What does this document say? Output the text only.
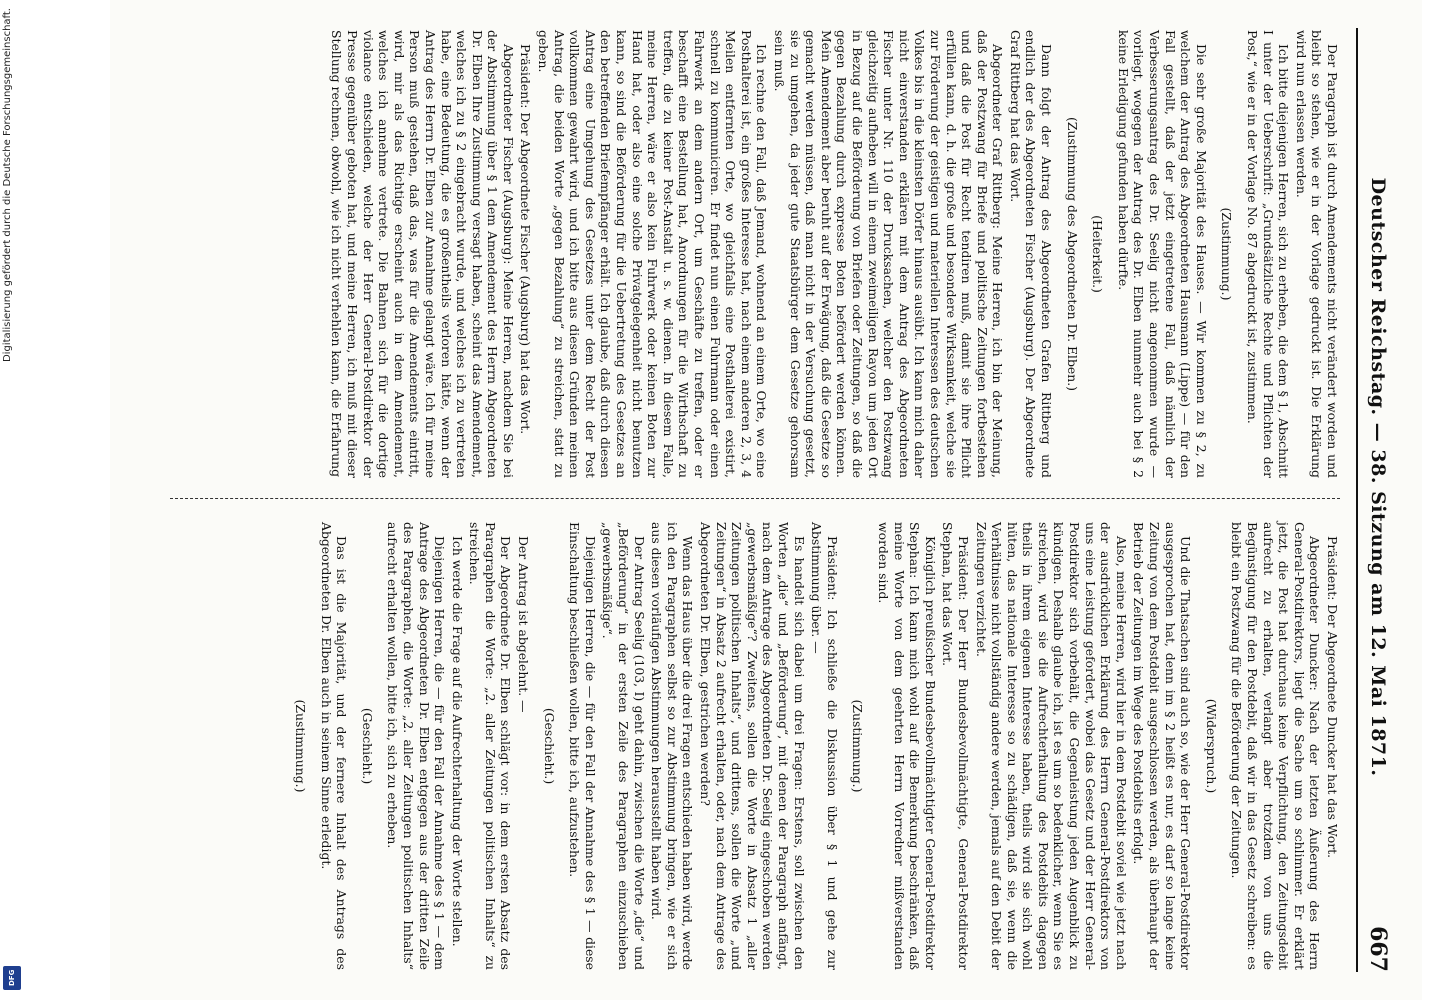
Digitalisierung gefördert durch die Deutsche Forschungsgemeinschaft.
DFG
Deutscher Reichstag. — 38. Sitzung am 12. Mai 1871.
667

Der Paragraph ist durch Amendements nicht verändert worden und bleibt so stehen, wie er in der Vorlage gedruckt ist. Die Erklärung wird nun erlassen werden.

Ich bitte diejenigen Herren, sich zu erheben, die dem § 1, Abschnitt I unter der Ueberschrift: „Grundsätzliche Rechte und Pflichten der Post,“ wie er in der Vorlage No. 87 abgedruckt ist, zustimmen.

(Zustimmung.)

Die sehr große Majorität des Hauses. — Wir kommen zu § 2, zu welchem der Antrag des Abgeordneten Hausmann (Lippe) — für den Fall gestellt, daß der jetzt eingetretene Fall, daß nämlich der Verbesserungsantrag des Dr. Seelig nicht angenommen wurde — vorliegt, wogegen der Antrag des Dr. Elben nunmehr auch bei § 2 keine Erledigung gefunden haben dürfte.

(Heiterkeit.)

(Zustimmung des Abgeordneten Dr. Elben.)

Dann folgt der Antrag des Abgeordneten Grafen Rittberg und endlich der des Abgeordneten Fischer (Augsburg). Der Abgeordnete Graf Rittberg hat das Wort.

Abgeordneter Graf Rittberg: Meine Herren, ich bin der Meinung, daß der Postzwang für Briefe und politische Zeitungen fortbestehen und daß die Post für Recht tendiren muß, damit sie ihre Pflicht erfüllen kann, d. h. die große und besondere Wirksamkeit, welche sie zur Förderung der geistigen und materiellen Interessen des deutschen Volkes bis in die kleinsten Dörfer hinaus ausübt. Ich kann mich daher nicht einverstanden erklären mit dem Antrag des Abgeordneten Fischer unter Nr. 110 der Drucksachen, welcher den Postzwang gleichzeitig aufheben will in einem zweimeiligen Rayon um jeden Ort in Bezug auf die Beförderung von Briefen oder Zeitungen, so daß die gegen Bezahlung durch expresse Boten befördert werden können. Mein Amendement aber beruht auf der Erwägung, daß die Gesetze so gemacht werden müssen, daß man nicht in der Versuchung gesetzt, sie zu umgehen, da jeder gute Staatsbürger dem Gesetze gehorsam sein muß.

Ich rechne den Fall, daß Jemand, wohnend an einem Orte, wo eine Posthalterei ist, ein großes Interesse hat, nach einem anderen 2, 3, 4 Meilen entfernten Orte, wo gleichfalls eine Posthalterei existirt, schnell zu kommuniciren. Er findet nun einen Fuhrmann oder einen Fahrwerk an dem andern Ort, um Geschäfte zu treffen, oder er beschafft eine Bestellung hat, Anordnungen für die Wirthschaft zu treffen, die zu keiner Post-Anstalt u. s. w. dienen. In diesem Falle, meine Herren, wäre er also kein Fuhrwerk oder keinen Boten zur Hand hat, oder also eine solche Privatgelegenheit nicht benutzen kann, so sind die Beförderung für die Uebertretung des Gesetzes an den betreffenden Briefempfänger erhält. Ich glaube, daß durch diesen Antrag eine Umgehung des Gesetzes unter dem Recht der Post vollkommen gewahrt wird, und ich bitte aus diesen Gründen meinen Antrag, die beiden Worte „gegen Bezahlung“ zu streichen, statt zu geben.

Präsident: Der Abgeordnete Fischer (Augsburg) hat das Wort.

Abgeordneter Fischer (Augsburg): Meine Herren, nachdem Sie bei der Abstimmung über § 1 dem Amendement des Herrn Abgeordneten Dr. Elben Ihre Zustimmung versagt haben, scheint das Amendement, welches ich zu § 2 eingebracht wurde, und welches ich zu vertreten habe, eine Bedeutung, die es großentheils verloren hätte, wenn der Antrag des Herrn Dr. Elben zur Annahme gelangt wäre. Ich für meine Person muß gestehen, daß das, was für die Amendements eintritt, wird, mir als das Richtige erscheint auch in dem Amendement, welches ich annehme vertrete. Die Bahnen sich für die dortige violance entschieden, welche der Herr General-Postdirektor der Presse gegenüber geboten hat, und meine Herren, ich muß mit dieser Stellung rechnen, obwohl, wie ich nicht verhehlen kann, die Erfahrung

Präsident: Der Abgeordnete Duncker hat das Wort.

Abgeordneter Duncker: Nach der letzten Äußerung des Herrn General-Postdirektors, liegt die Sache um so schlimmer. Er erklärt jetzt, die Post hat durchaus keine Verpflichtung, den Zeitungsdebit aufrecht zu erhalten, verlangt aber trotzdem von uns die Begünstigung für den Postdebit, daß wir in das Gesetz schreiben: es bleibt ein Postzwang für die Beförderung der Zeitungen.

(Widerspruch.)

Und die Thatsachen sind auch so, wie der Herr General-Postdirektor ausgesprochen hat, denn im § 2 heißt es nur, es darf so lange keine Zeitung von dem Postdebit ausgeschlossen werden, als überhaupt der Betrieb der Zeitungen im Wege des Postdebits erfolgt.

Also, meine Herren, wird hier in dem Postdebit soviel wie jetzt nach der ausdrücklichen Erklärung des Herrn General-Postdirektors von uns eine Leistung gefordert, wobei das Gesetz und der Herr General-Postdirektor sich vorbehält, die Gegenleistung jeden Augenblick zu kündigen. Deshalb glaube ich, ist es um so bedenklicher, wenn Sie es streichen, wird sie die Aufrechterhaltung des Postdebits dagegen theils in ihrem eigenen Interesse haben, theils wird sie sich wohl hüten, das nationale Interesse so zu schädigen, daß sie, wenn die Verhältnisse nicht vollständig andere werden, jemals auf den Debit der Zeitungen verzichtet.

Präsident: Der Herr Bundesbevollmächtigte, General-Postdirektor Stephan, hat das Wort.

Königlich preußischer Bundesbevollmächtigter General-Postdirektor Stephan: Ich kann mich wohl auf die Bemerkung beschränken, daß meine Worte von dem geehrten Herrn Vorredner mißverstanden worden sind.

(Zustimmung.)

Präsident: Ich schließe die Diskussion über § 1 und gehe zur Abstimmung über. —

Es handelt sich dabei um drei Fragen: Erstens, soll zwischen den Worten „die“ und „Beförderung“, mit denen der Paragraph anfängt, nach dem Antrage des Abgeordneten Dr. Seelig eingeschoben werden „gewerbsmäßige“? Zweitens, sollen die Worte in Absatz 1 „aller Zeitungen politischen Inhalts“, und drittens, sollen die Worte „und Zeitungen“ in Absatz 2 aufrecht erhalten, oder, nach dem Antrage des Abgeordneten Dr. Elben, gestrichen werden?

Wenn das Haus über die drei Fragen entschieden haben wird, werde ich den Paragraphen selbst so zur Abstimmung bringen, wie er sich aus diesen vorläufigen Abstimmungen herausstellt haben wird.

Der Antrag Seelig (103, I) geht dahin, zwischen die Worte „die“ und „Beförderung“ in der ersten Zeile des Paragraphen einzuschieben „gewerbsmäßige“.

Diejenigen Herren, die — für den Fall der Annahme des § 1 — diese Einschaltung beschließen wollen, bitte ich, aufzustehen.

(Geschieht.)

Der Antrag ist abgelehnt. —

Der Abgeordnete Dr. Elben schlägt vor: in dem ersten Absatz des Paragraphen die Worte: „2. aller Zeitungen politischen Inhalts“ zu streichen.

Ich werde die Frage auf die Aufrechterhaltung der Worte stellen.

Diejenigen Herren, die — für den Fall der Annahme des § 1 — dem Antrage des Abgeordneten Dr. Elben entgegen aus der dritten Zeile des Paragraphen, die Worte: „2. aller Zeitungen politischen Inhalts“ aufrecht erhalten wollen, bitte ich, sich zu erheben.

(Geschieht.)

Das ist die Majorität, und der fernere Inhalt des Antrags des Abgeordneten Dr. Elben auch in seinem Sinne erledigt.

(Zustimmung.)
